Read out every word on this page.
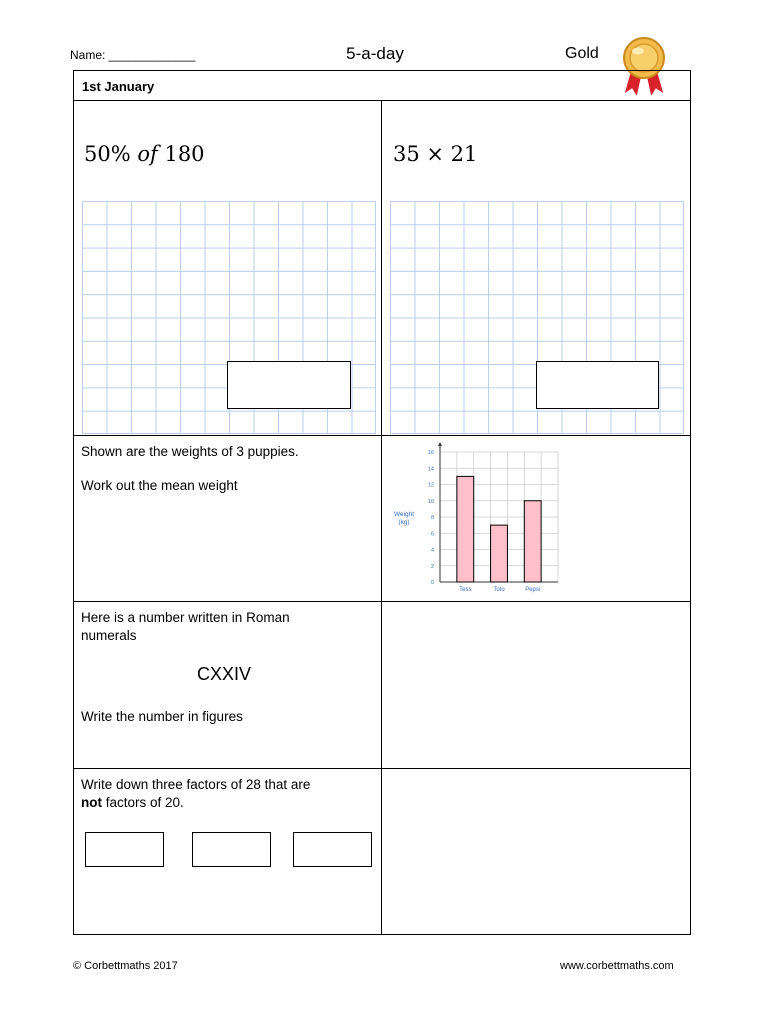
Name: _____________	5-a-day	Gold
1st January
50% of 180	35 × 21
Shown are the weights of 3 puppies.
Work out the mean weight
0
2
4
6
8
10
12
14
16
Weight
(kg)
Tess	Toto	Pepsi
Here is a number written in Roman
numerals
CXXIV
Write the number in figures
Write down three factors of 28 that are
not factors of 20.
© Corbettmaths 2017	www.corbettmaths.com
